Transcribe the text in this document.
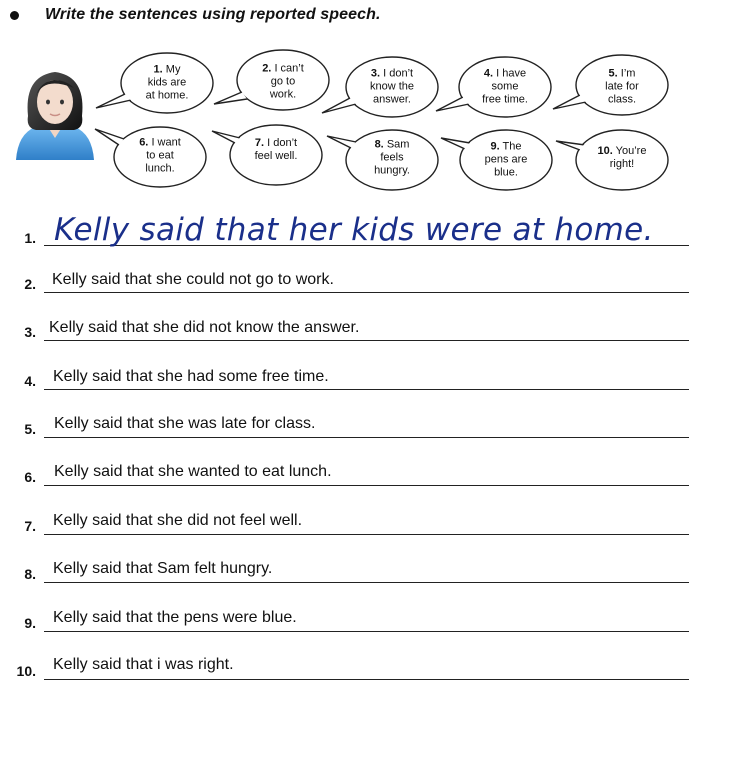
Write the sentences using reported speech.
1. My
kids are
at home.
2. I can’t
go to
work.
3. I don’t
know the
answer.
4. I have
some
free time.
5. I’m
late for
class.
6. I want
to eat
lunch.
7. I don’t
feel well.
8. Sam
feels
hungry.
9. The
pens are
blue.
10. You’re
right!
1. Kelly said that her kids were at home.
2. Kelly said that she could not go to work.
3. Kelly said that she did not know the answer.
4. Kelly said that she had some free time.
5. Kelly said that she was late for class.
6. Kelly said that she wanted to eat lunch.
7. Kelly said that she did not feel well.
8. Kelly said that Sam felt hungry.
9. Kelly said that the pens were blue.
10. Kelly said that i was right.
